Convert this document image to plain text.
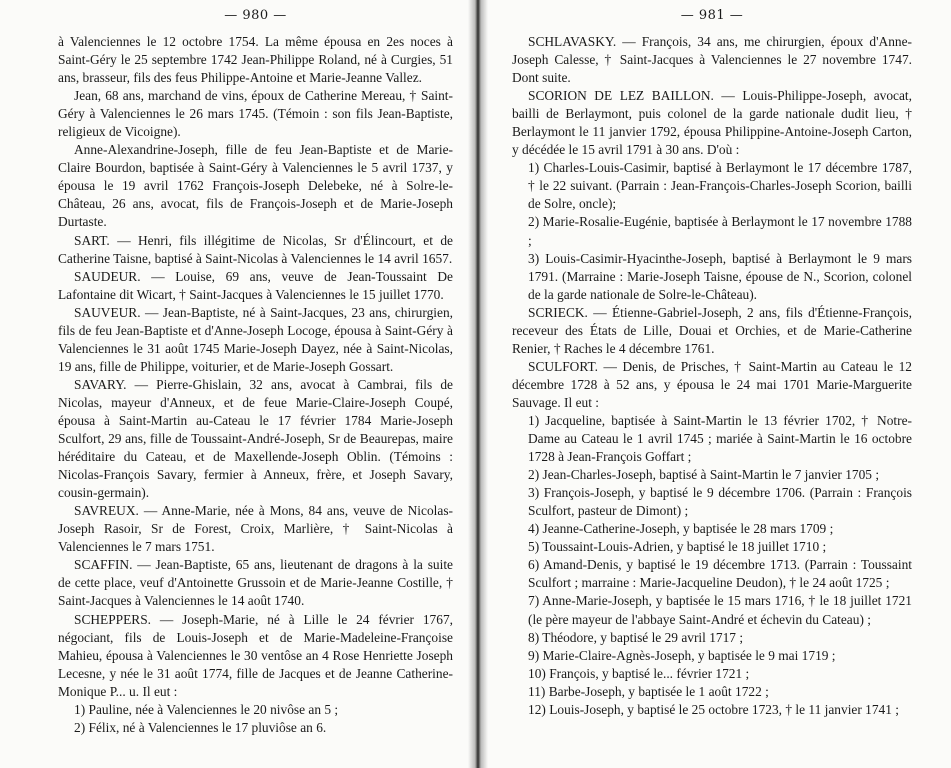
— 980 —

à Valenciennes le 12 octobre 1754. La même épousa en 2es noces à Saint-Géry le 25 septembre 1742 Jean-Philippe Roland, né à Curgies, 51 ans, brasseur, fils des feus Philippe-Antoine et Marie-Jeanne Vallez.

Jean, 68 ans, marchand de vins, époux de Catherine Mereau, † Saint-Géry à Valenciennes le 26 mars 1745. (Témoin : son fils Jean-Baptiste, religieux de Vicoigne).

Anne-Alexandrine-Joseph, fille de feu Jean-Baptiste et de Marie-Claire Bourdon, baptisée à Saint-Géry à Valenciennes le 5 avril 1737, y épousa le 19 avril 1762 François-Joseph Delebeke, né à Solre-le-Château, 26 ans, avocat, fils de François-Joseph et de Marie-Joseph Durtaste.

SART. — Henri, fils illégitime de Nicolas, Sr d'Élincourt, et de Catherine Taisne, baptisé à Saint-Nicolas à Valenciennes le 14 avril 1657.

SAUDEUR. — Louise, 69 ans, veuve de Jean-Toussaint De Lafontaine dit Wicart, † Saint-Jacques à Valenciennes le 15 juillet 1770.

SAUVEUR. — Jean-Baptiste, né à Saint-Jacques, 23 ans, chirurgien, fils de feu Jean-Baptiste et d'Anne-Joseph Locoge, épousa à Saint-Géry à Valenciennes le 31 août 1745 Marie-Joseph Dayez, née à Saint-Nicolas, 19 ans, fille de Philippe, voiturier, et de Marie-Joseph Gossart.

SAVARY. — Pierre-Ghislain, 32 ans, avocat à Cambrai, fils de Nicolas, mayeur d'Anneux, et de feue Marie-Claire-Joseph Coupé, épousa à Saint-Martin au-Cateau le 17 février 1784 Marie-Joseph Sculfort, 29 ans, fille de Toussaint-André-Joseph, Sr de Beaurepas, maire héréditaire du Cateau, et de Maxellende-Joseph Oblin. (Témoins : Nicolas-François Savary, fermier à Anneux, frère, et Joseph Savary, cousin-germain).

SAVREUX. — Anne-Marie, née à Mons, 84 ans, veuve de Nicolas-Joseph Rasoir, Sr de Forest, Croix, Marlière, † Saint-Nicolas à Valenciennes le 7 mars 1751.

SCAFFIN. — Jean-Baptiste, 65 ans, lieutenant de dragons à la suite de cette place, veuf d'Antoinette Grussoin et de Marie-Jeanne Costille, † Saint-Jacques à Valenciennes le 14 août 1740.

SCHEPPERS. — Joseph-Marie, né à Lille le 24 février 1767, négociant, fils de Louis-Joseph et de Marie-Madeleine-Françoise Mahieu, épousa à Valenciennes le 30 ventôse an 4 Rose Henriette Joseph Lecesne, y née le 31 août 1774, fille de Jacques et de Jeanne Catherine-Monique P... u. Il eut :

1) Pauline, née à Valenciennes le 20 nivôse an 5 ;

2) Félix, né à Valenciennes le 17 pluviôse an 6.

— 981 —

SCHLAVASKY. — François, 34 ans, me chirurgien, époux d'Anne-Joseph Calesse, † Saint-Jacques à Valenciennes le 27 novembre 1747. Dont suite.

SCORION DE LEZ BAILLON. — Louis-Philippe-Joseph, avocat, bailli de Berlaymont, puis colonel de la garde nationale dudit lieu, † Berlaymont le 11 janvier 1792, épousa Philippine-Antoine-Joseph Carton, y décédée le 15 avril 1791 à 30 ans. D'où :

1) Charles-Louis-Casimir, baptisé à Berlaymont le 17 décembre 1787, † le 22 suivant. (Parrain : Jean-François-Charles-Joseph Scorion, bailli de Solre, oncle);

2) Marie-Rosalie-Eugénie, baptisée à Berlaymont le 17 novembre 1788 ;

3) Louis-Casimir-Hyacinthe-Joseph, baptisé à Berlaymont le 9 mars 1791. (Marraine : Marie-Joseph Taisne, épouse de N., Scorion, colonel de la garde nationale de Solre-le-Château).

SCRIECK. — Étienne-Gabriel-Joseph, 2 ans, fils d'Étienne-François, receveur des États de Lille, Douai et Orchies, et de Marie-Catherine Renier, † Raches le 4 décembre 1761.

SCULFORT. — Denis, de Prisches, † Saint-Martin au Cateau le 12 décembre 1728 à 52 ans, y épousa le 24 mai 1701 Marie-Marguerite Sauvage. Il eut :

1) Jacqueline, baptisée à Saint-Martin le 13 février 1702, † Notre-Dame au Cateau le 1 avril 1745 ; mariée à Saint-Martin le 16 octobre 1728 à Jean-François Goffart ;

2) Jean-Charles-Joseph, baptisé à Saint-Martin le 7 janvier 1705 ;

3) François-Joseph, y baptisé le 9 décembre 1706. (Parrain : François Sculfort, pasteur de Dimont) ;

4) Jeanne-Catherine-Joseph, y baptisée le 28 mars 1709 ;

5) Toussaint-Louis-Adrien, y baptisé le 18 juillet 1710 ;

6) Amand-Denis, y baptisé le 19 décembre 1713. (Parrain : Toussaint Sculfort ; marraine : Marie-Jacqueline Deudon), † le 24 août 1725 ;

7) Anne-Marie-Joseph, y baptisée le 15 mars 1716, † le 18 juillet 1721 (le père mayeur de l'abbaye Saint-André et échevin du Cateau) ;

8) Théodore, y baptisé le 29 avril 1717 ;

9) Marie-Claire-Agnès-Joseph, y baptisée le 9 mai 1719 ;

10) François, y baptisé le... février 1721 ;

11) Barbe-Joseph, y baptisée le 1 août 1722 ;

12) Louis-Joseph, y baptisé le 25 octobre 1723, † le 11 janvier 1741 ;
